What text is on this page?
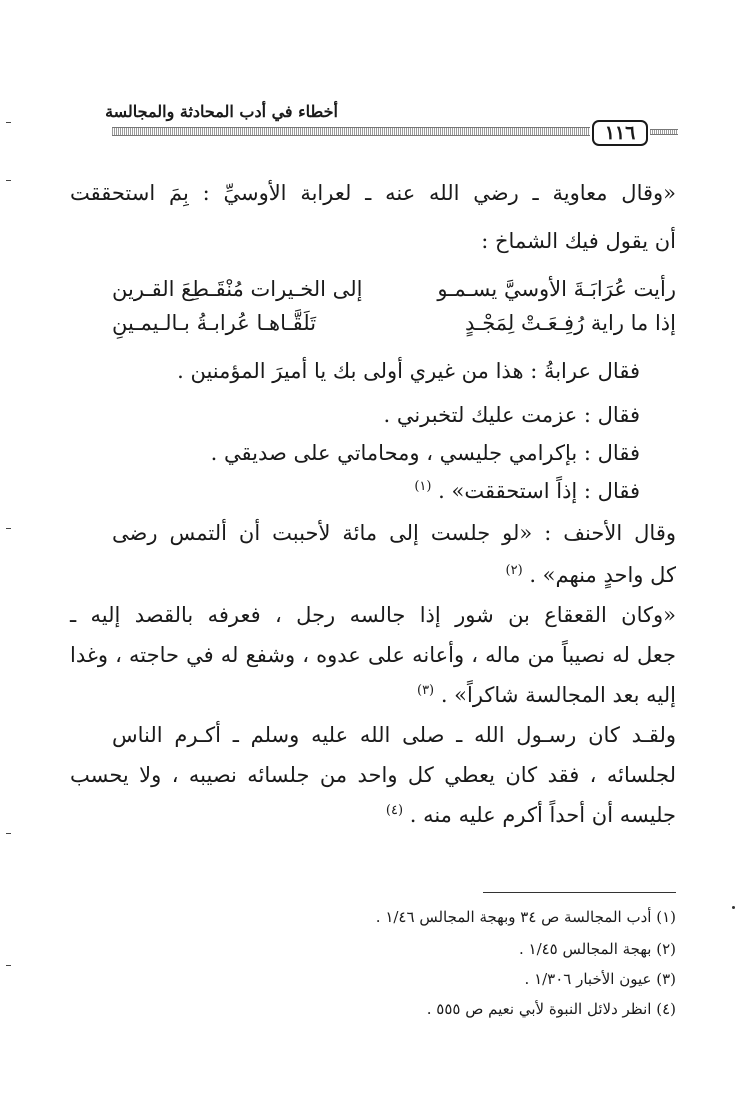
أخطاء في أدب المحادثة والمجالسة
١١٦
«وقال معاوية ـ رضي الله عنه ـ لعرابة الأوسيِّ : بِمَ استحققت
أن يقول فيك الشماخ :
رأيت عُرَابَـةَ الأوسيَّ يسـمـو
إلى الخـيرات مُنْقَـطِعَ القـرين
إذا ما راية رُفِـعَـتْ لِمَجْـدٍ
تَلَقَّـاهـا عُرابـةُ بـالـيمـينِ
فقال عرابةُ : هذا من غيري أولى بك يا أميرَ المؤمنين .
فقال : عزمت عليك لتخبرني .
فقال : بإكرامي جليسي ، ومحاماتي على صديقي .
فقال : إذاً استحققت» . $^{(١)}$
وقال الأحنف : «لو جلست إلى مائة لأحببت أن ألتمس رضى
كل واحدٍ منهم» . $^{(٢)}$
«وكان القعقاع بن شور إذا جالسه رجل ، فعرفه بالقصد إليه ـ
جعل له نصيباً من ماله ، وأعانه على عدوه ، وشفع له في حاجته ، وغدا
إليه بعد المجالسة شاكراً» . $^{(٣)}$
ولقـد كان رسـول الله ـ صلى الله عليه وسلم ـ أكـرم الناس
لجلسائه ، فقد كان يعطي كل واحد من جلسائه نصيبه ، ولا يحسب
جليسه أن أحداً أكرم عليه منه . $^{(٤)}$
(١) أدب المجالسة ص ٣٤ وبهجة المجالس ١/٤٦ .
(٢) بهجة المجالس ١/٤٥ .
(٣) عيون الأخبار ١/٣٠٦ .
(٤) انظر دلائل النبوة لأبي نعيم ص ٥٥٥ .
